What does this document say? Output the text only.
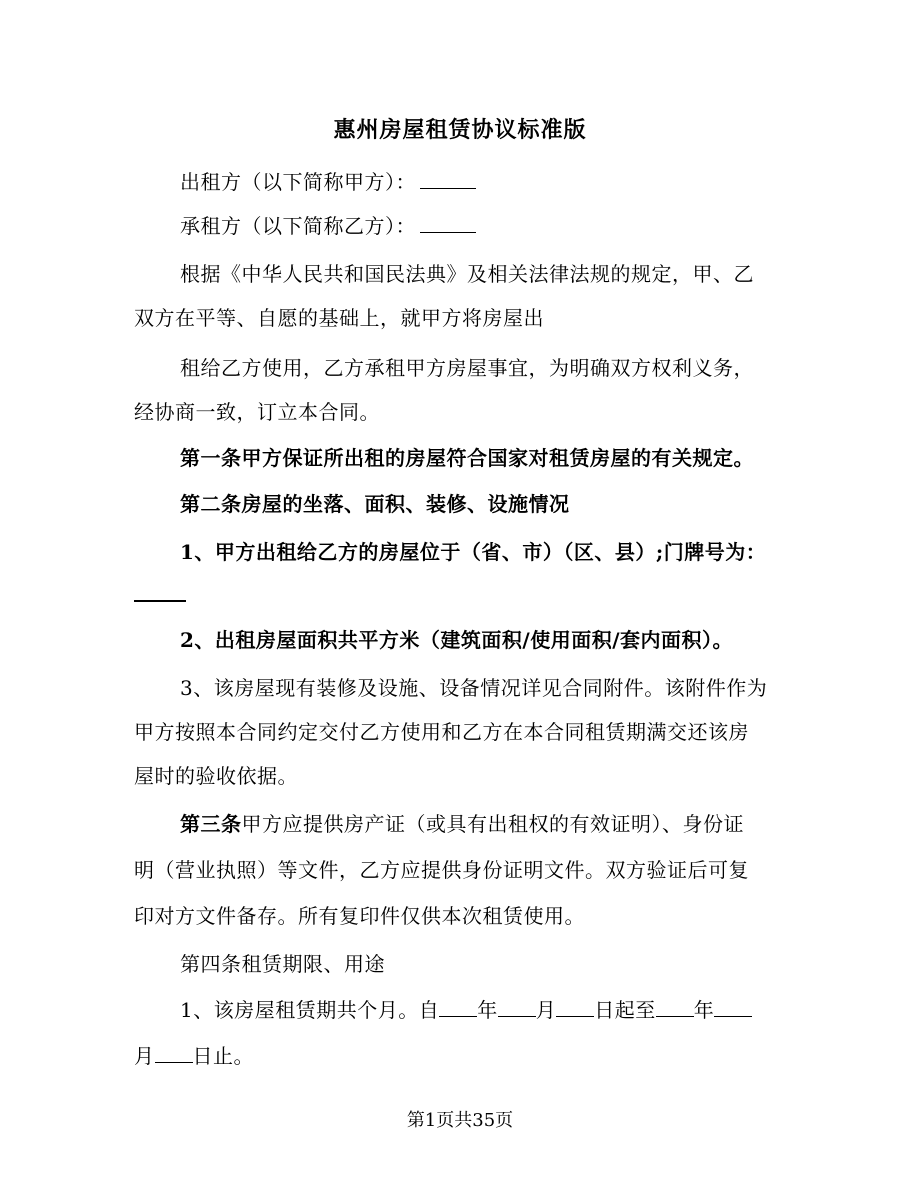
惠州房屋租赁协议标准版
出租方（以下简称甲方）：
承租方（以下简称乙方）：
根据《中华人民共和国民法典》及相关法律法规的规定，甲、乙
双方在平等、自愿的基础上，就甲方将房屋出
租给乙方使用，乙方承租甲方房屋事宜，为明确双方权利义务，
经协商一致，订立本合同。
第一条甲方保证所出租的房屋符合国家对租赁房屋的有关规定。
第二条房屋的坐落、面积、装修、设施情况
1、甲方出租给乙方的房屋位于（省、市）（区、县）;门牌号为：
2、出租房屋面积共平方米（建筑面积/使用面积/套内面积）。
3、该房屋现有装修及设施、设备情况详见合同附件。该附件作为
甲方按照本合同约定交付乙方使用和乙方在本合同租赁期满交还该房
屋时的验收依据。
第三条甲方应提供房产证（或具有出租权的有效证明）、身份证
明（营业执照）等文件，乙方应提供身份证明文件。双方验证后可复
印对方文件备存。所有复印件仅供本次租赁使用。
第四条租赁期限、用途
1、该房屋租赁期共个月。自 年 月 日起至 年
月 日止。
第1页共35页
